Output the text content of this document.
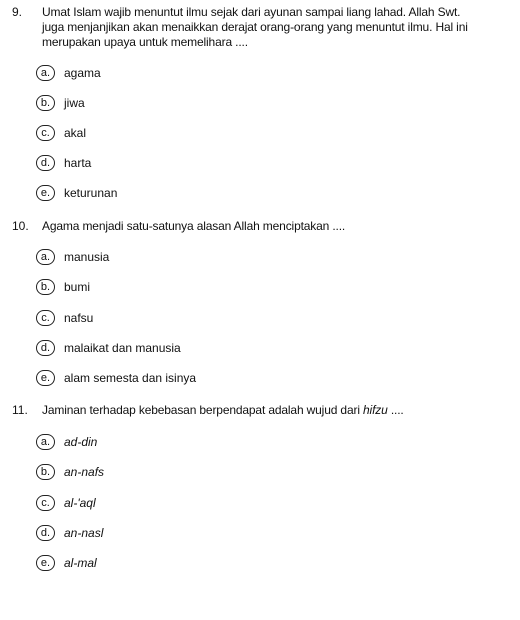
9. Umat Islam wajib menuntut ilmu sejak dari ayunan sampai liang lahad. Allah Swt. juga menjanjikan akan menaikkan derajat orang-orang yang menuntut ilmu. Hal ini merupakan upaya untuk memelihara ....
a.	agama
b.	jiwa
c.	akal
d.	harta
e.	keturunan
10. Agama menjadi satu-satunya alasan Allah menciptakan ....
a.	manusia
b.	bumi
c.	nafsu
d.	malaikat dan manusia
e.	alam semesta dan isinya
11. Jaminan terhadap kebebasan berpendapat adalah wujud dari hifzu ....
a.	ad-din
b.	an-nafs
c.	al-'aql
d.	an-nasl
e.	al-mal
